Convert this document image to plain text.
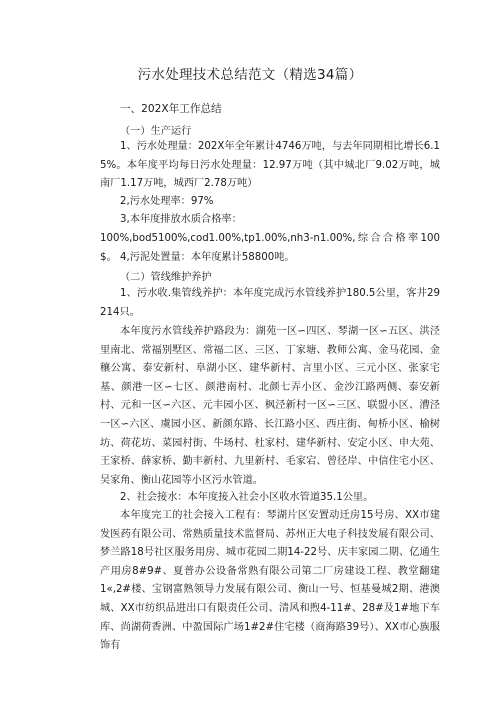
污水处理技术总结范文（精选34篇）
一、202X年工作总结
（一）生产运行
1、污水处理量：202X年全年累计4746万吨，与去年同期相比增长6.15%。本年度平均每日污水处理量：12.97万吨（其中城北厂9.02万吨，城南厂1.17万吨，城西厂2.78万吨）
2,污水处理率：97%
3,本年度排放水质合格率：
100%,bod5100%,cod1.00%,tp1.00%,nh3-n1.00%,综合合格率100$。 4,污泥处置量：本年度累计58800吨。
（二）管线维护养护
1、污水收.集管线养护：本年度完成污水管线养护180.5公里，客井29214只。
本年度污水管线养护路段为：湖苑一区∽四区、琴湖一区∽五区、洪泾里南北、常福别墅区、常福二区、三区、丁家塘、教师公寓、金马花园、金穰公寓、泰安新村、阜湖小区、建华新村、言里小区、三元小区、张家宅基、颜港一区∽七区、颜港南村、北颜七弄小区、金沙江路两侧、泰安新村、元和一区∽六区、元丰园小区、枫泾新村一区∽三区、联盟小区、漕泾一区∽六区、虞园小区、新颜东路、长江路小区、西庄街、甸桥小区、榆树坊、荷花坊、菜园村街、牛场村、杜家村、建华新村、安定小区、申大苑、王家桥、薛家桥、勤丰新村、九里新村、毛家宕、曾径岸、中信住宅小区、吴家角、衡山花园等小区污水管道。
2、社会接水：本年度接入社会小区收水管道35.1公里。
本年度完工的社会接入工程有：琴湖片区安置动迁房15号房、XX市建发医药有限公司、常熟质量技术监督局、苏州正大电子科技发展有限公司、梦兰路18号社区服务用房、城市花园二期14-22号、庆丰家园二期、亿通生产用房8#9#、夏普办公设备常熟有限公司第二厂房建设工程、教堂翻建1«,2#楼、宝钢富熟领导力发展有限公司、衡山一号、恒基曼城2期、港澳城、XX市纺织品进出口有限责任公司、清风和煦4-11#、28#及1#地下车库、尚湖荷香洲、中盈国际广场1#2#住宅楼（商海路39号）、XX市心族服饰有
